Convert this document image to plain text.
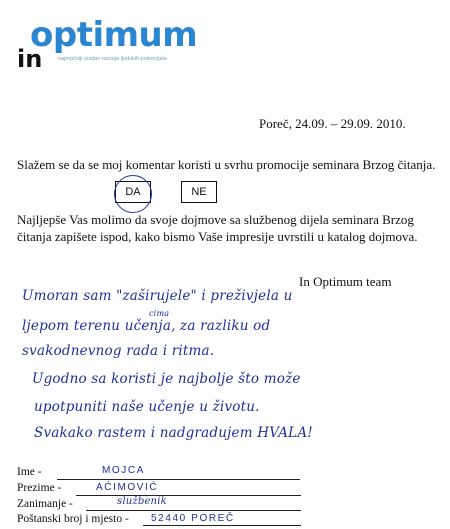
optimum
in	najmočniji sustav razvoja ljudskih potencijala
Poreč, 24.09. – 29.09. 2010.
Slažem se da se moj komentar koristi u svrhu promocije seminara Brzog čitanja.
DA	NE
Najljepše Vas molimo da svoje dojmove sa službenog dijela seminara Brzog
čitanja zapišete ispod, kako bismo Vaše impresije uvrstili u katalog dojmova.
In Optimum team
Umoran sam "zaširujele" i preživjela u
cima
ljepom terenu učenja, za razliku od
svakodnevnog rada i ritma.
Ugodno sa koristi je najbolje što može
upotpuniti naše učenje u životu.
Svakako rastem i nadgradujem HVALA!
Ime -	MOJCA
Prezime -	AĆIMOVIĆ
Zanimanje -	službenik
Poštanski broj i mjesto - 52440 POREČ
